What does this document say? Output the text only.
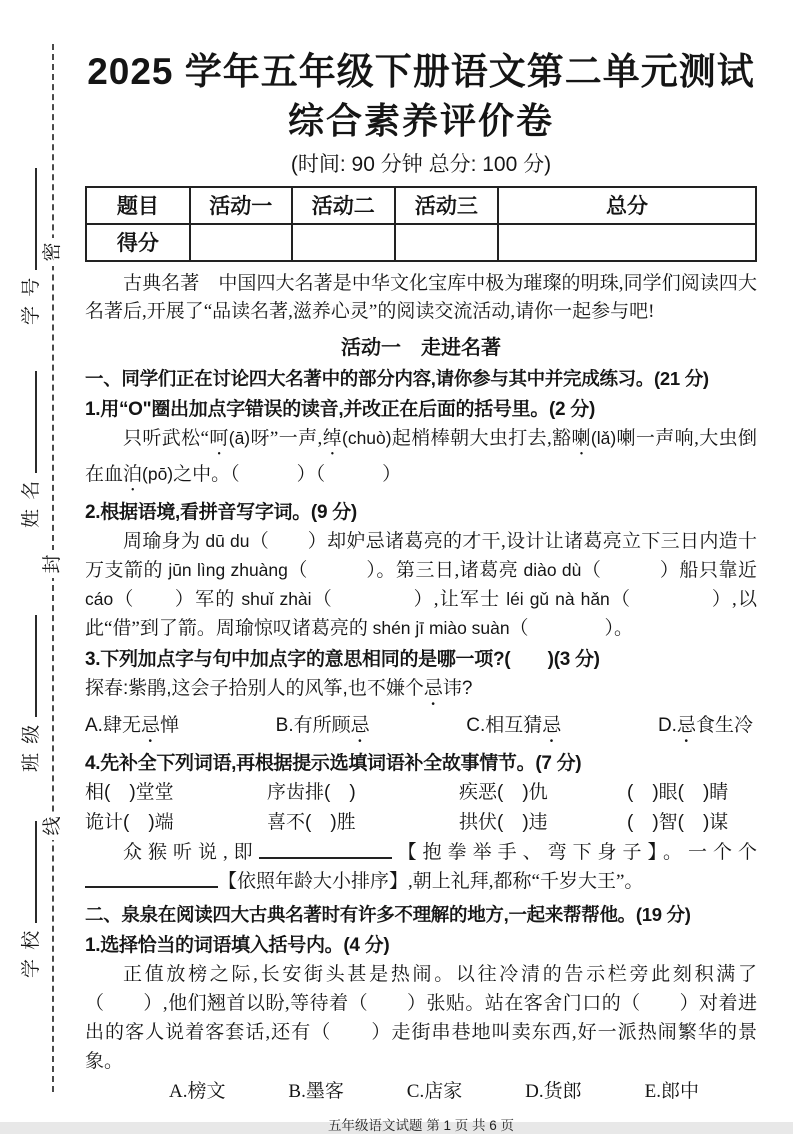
密
封
线
学 号
姓 名
班 级
学 校
2025 学年五年级下册语文第二单元测试
综合素养评价卷

(时间: 90 分钟 总分: 100 分)

题目	活动一	活动二	活动三	总分
得分				

古典名著　中国四大名著是中华文化宝库中极为璀璨的明珠,同学们阅读四大名著后,开展了“品读名著,滋养心灵”的阅读交流活动,请你一起参与吧!

活动一　走进名著
一、同学们正在讨论四大名著中的部分内容,请你参与其中并完成练习。(21 分)

1.用“O"圈出加点字错误的读音,并改正在后面的括号里。(2 分)

只听武松“呵(ā)呀”一声,绰(chuò)起梢棒朝大虫打去,豁喇(lǎ)喇一声响,大虫倒在血泊(pō)之中。（　　　）（　　　）

2.根据语境,看拼音写字词。(9 分)

周瑜身为 dū du（　　）却妒忌诸葛亮的才干,设计让诸葛亮立下三日内造十万支箭的 jūn lìng zhuàng（　　　）。第三日,诸葛亮 diào dù（　　　）船只靠近 cáo（　　）军的 shuǐ zhài（　　　　）,让军士 léi gǔ nà hǎn（　　　　）,以此“借”到了箭。周瑜惊叹诸葛亮的 shén jī miào suàn（　　　　）。

3.下列加点字与句中加点字的意思相同的是哪一项?(　　)(3 分)

探春:紫鹃,这会子拾别人的风筝,也不嫌个忌讳?

A.肆无忌惮	B.有所顾忌	C.相互猜忌	D.忌食生冷

4.先补全下列词语,再根据提示选填词语补全故事情节。(7 分)

相(　)堂堂	序齿排(　)	疾恶(　)仇	(　)眼(　)睛
诡计(　)端	喜不(　)胜	拱伏(　)违	(　)智(　)谋

众猴听说,即　　　　　	【抱拳举手、弯下身子】。一个个　　　　　【依照年龄大小排序】,朝上礼拜,都称“千岁大王”。

二、泉泉在阅读四大古典名著时有许多不理解的地方,一起来帮帮他。(19 分)

1.选择恰当的词语填入括号内。(4 分)

正值放榜之际,长安街头甚是热闹。以往冷清的告示栏旁此刻积满了（　　）,他们翘首以盼,等待着（　　）张贴。站在客舍门口的（　　）对着进出的客人说着客套话,还有（　　）走街串巷地叫卖东西,好一派热闹繁华的景象。

A.榜文	B.墨客	C.店家	D.货郎	E.郎中

五年级语文试题 第 1 页 共 6 页
